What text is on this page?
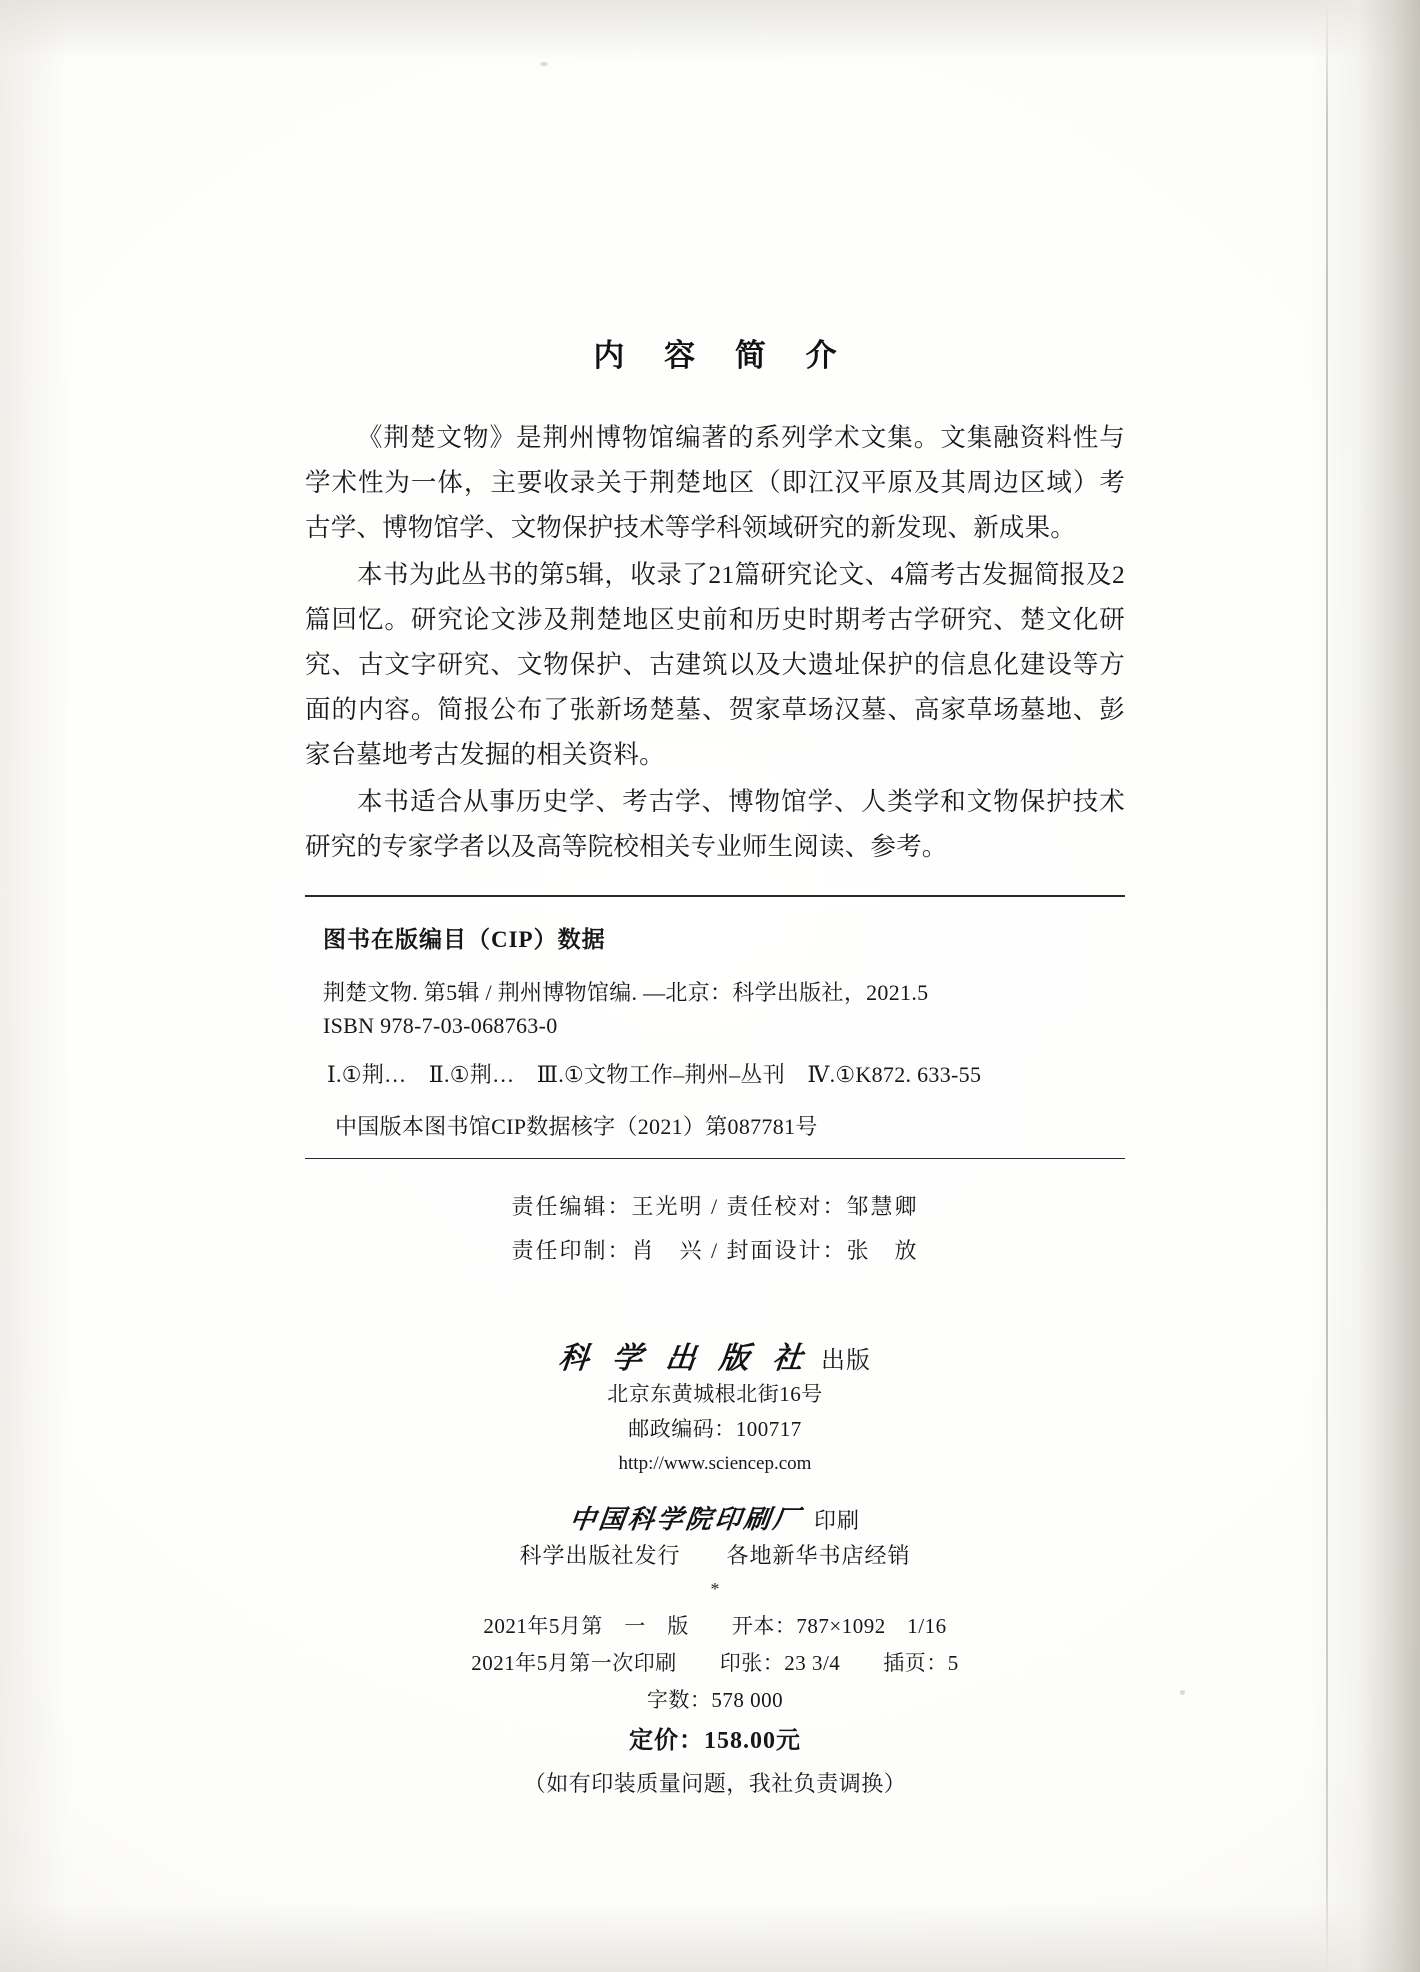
内 容 简 介

《荆楚文物》是荆州博物馆编著的系列学术文集。文集融资料性与学术性为一体，主要收录关于荆楚地区（即江汉平原及其周边区域）考古学、博物馆学、文物保护技术等学科领域研究的新发现、新成果。

本书为此丛书的第5辑，收录了21篇研究论文、4篇考古发掘简报及2篇回忆。研究论文涉及荆楚地区史前和历史时期考古学研究、楚文化研究、古文字研究、文物保护、古建筑以及大遗址保护的信息化建设等方面的内容。简报公布了张新场楚墓、贺家草场汉墓、高家草场墓地、彭家台墓地考古发掘的相关资料。

本书适合从事历史学、考古学、博物馆学、人类学和文物保护技术研究的专家学者以及高等院校相关专业师生阅读、参考。

图书在版编目（CIP）数据
荆楚文物. 第5辑 / 荆州博物馆编. —北京：科学出版社，2021.5
ISBN 978-7-03-068763-0
Ⅰ.①荆…　Ⅱ.①荆…　Ⅲ.①文物工作–荆州–丛刊　Ⅳ.①K872. 633-55
中国版本图书馆CIP数据核字（2021）第087781号
责任编辑：王光明 / 责任校对：邹慧卿
责任印制：肖　兴 / 封面设计：张　放
科 学 出 版 社 出版
北京东黄城根北街16号
邮政编码：100717
http://www.sciencep.com
中国科学院印刷厂 印刷
科学出版社发行　　各地新华书店经销
*
2021年5月第　一　版　　开本：787×1092　1/16
2021年5月第一次印刷　　印张：23 3/4　　插页：5
字数：578 000
定价：158.00元
（如有印装质量问题，我社负责调换）
